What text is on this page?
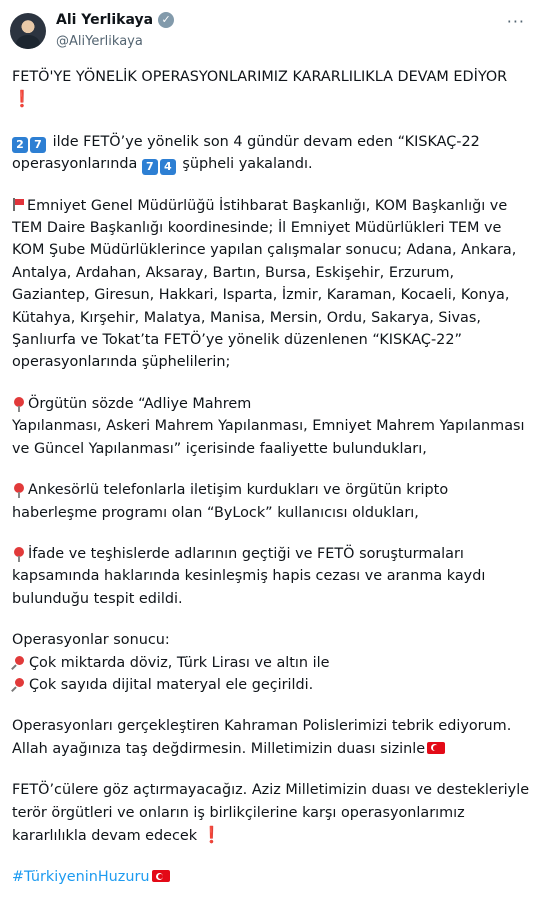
Ali Yerlikaya ✓
@AliYerlikaya
···
FETÖ'YE YÖNELİK OPERASYONLARIMIZ KARARLILIKLA DEVAM EDİYOR
❗
2 7 ilde FETÖ’ye yönelik son 4 gündür devam eden “KISKAÇ-22 operasyonlarında 7 4 şüpheli yakalandı.
Emniyet Genel Müdürlüğü İstihbarat Başkanlığı, KOM Başkanlığı ve TEM Daire Başkanlığı koordinesinde; İl Emniyet Müdürlükleri TEM ve KOM Şube Müdürlüklerince yapılan çalışmalar sonucu; Adana, Ankara, Antalya, Ardahan, Aksaray, Bartın, Bursa, Eskişehir, Erzurum, Gaziantep, Giresun, Hakkari, Isparta, İzmir, Karaman, Kocaeli, Konya, Kütahya, Kırşehir, Malatya, Manisa, Mersin, Ordu, Sakarya, Sivas, Şanlıurfa ve Tokat’ta FETÖ’ye yönelik düzenlenen “KISKAÇ-22” operasyonlarında şüphelilerin;
Örgütün sözde “Adliye Mahrem
Yapılanması, Askeri Mahrem Yapılanması, Emniyet Mahrem Yapılanması ve Güncel Yapılanması” içerisinde faaliyette bulundukları,
Ankesörlü telefonlarla iletişim kurdukları ve örgütün kripto haberleşme programı olan “ByLock” kullanıcısı oldukları,
İfade ve teşhislerde adlarının geçtiği ve FETÖ soruşturmaları kapsamında haklarında kesinleşmiş hapis cezası ve aranma kaydı bulunduğu tespit edildi.
Operasyonlar sonucu:
Çok miktarda döviz, Türk Lirası ve altın ile
Çok sayıda dijital materyal ele geçirildi.
Operasyonları gerçekleştiren Kahraman Polislerimizi tebrik ediyorum. Allah ayağınıza taş değdirmesin. Milletimizin duası sizinle
FETÖ’cülere göz açtırmayacağız. Aziz Milletimizin duası ve destekleriyle terör örgütleri ve onların iş birlikçilerine karşı operasyonlarımız kararlılıkla devam edecek ❗
#TürkiyeninHuzuru
